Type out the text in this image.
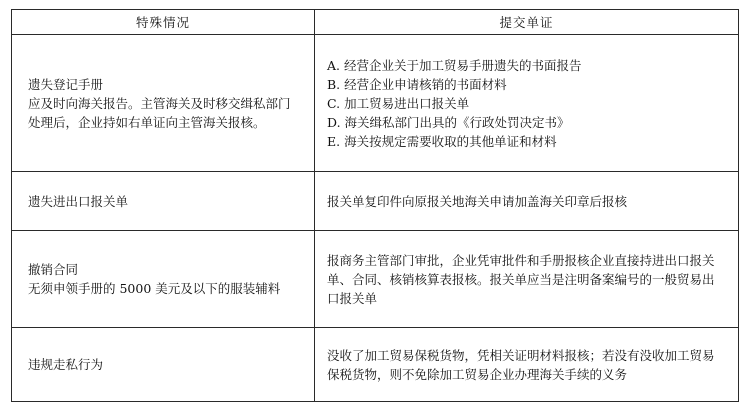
特殊情况	提交单证

遗失登记手册
应及时向海关报告。主管海关及时移交缉私部门处理后，企业持如右单证向主管海关报核。	A. 经营企业关于加工贸易手册遗失的书面报告
B. 经营企业申请核销的书面材料
C. 加工贸易进出口报关单
D. 海关缉私部门出具的《行政处罚决定书》
E. 海关按规定需要收取的其他单证和材料

遗失进出口报关单	报关单复印件向原报关地海关申请加盖海关印章后报核

撤销合同
无须申领手册的 5000 美元及以下的服装辅料	报商务主管部门审批，企业凭审批件和手册报核企业直接持进出口报关单、合同、核销核算表报核。报关单应当是注明备案编号的一般贸易出口报关单

违规走私行为	没收了加工贸易保税货物，凭相关证明材料报核；若没有没收加工贸易保税货物，则不免除加工贸易企业办理海关手续的义务
